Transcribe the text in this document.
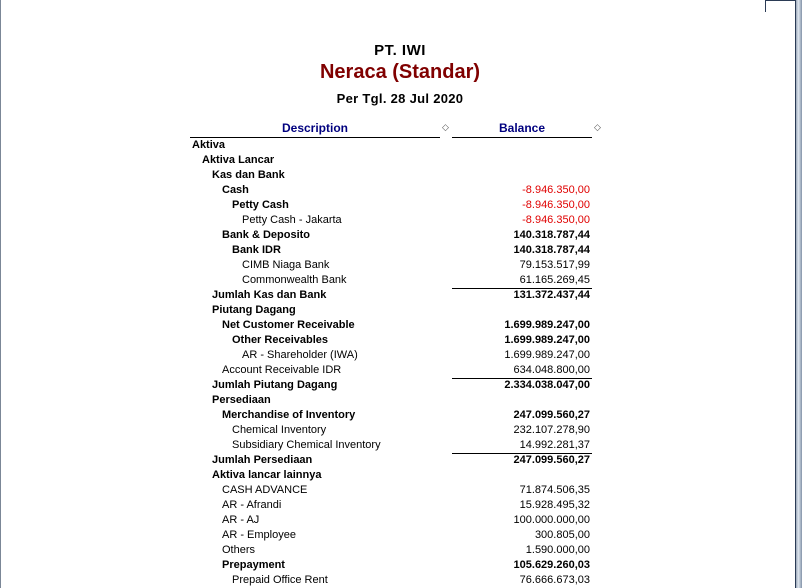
PT. IWI
Neraca (Standar)
Per Tgl. 28 Jul 2020
Description	◇	Balance	◇
Aktiva
Aktiva Lancar
Kas dan Bank
Cash	-8.946.350,00
Petty Cash	-8.946.350,00
Petty Cash - Jakarta	-8.946.350,00
Bank & Deposito	140.318.787,44
Bank IDR	140.318.787,44
CIMB Niaga Bank	79.153.517,99
Commonwealth Bank	61.165.269,45
Jumlah Kas dan Bank	131.372.437,44
Piutang Dagang
Net Customer Receivable	1.699.989.247,00
Other Receivables	1.699.989.247,00
AR - Shareholder (IWA)	1.699.989.247,00
Account Receivable IDR	634.048.800,00
Jumlah Piutang Dagang	2.334.038.047,00
Persediaan
Merchandise of Inventory	247.099.560,27
Chemical Inventory	232.107.278,90
Subsidiary Chemical Inventory	14.992.281,37
Jumlah Persediaan	247.099.560,27
Aktiva lancar lainnya
CASH ADVANCE	71.874.506,35
AR - Afrandi	15.928.495,32
AR - AJ	100.000.000,00
AR - Employee	300.805,00
Others	1.590.000,00
Prepayment	105.629.260,03
Prepaid Office Rent	76.666.673,03
